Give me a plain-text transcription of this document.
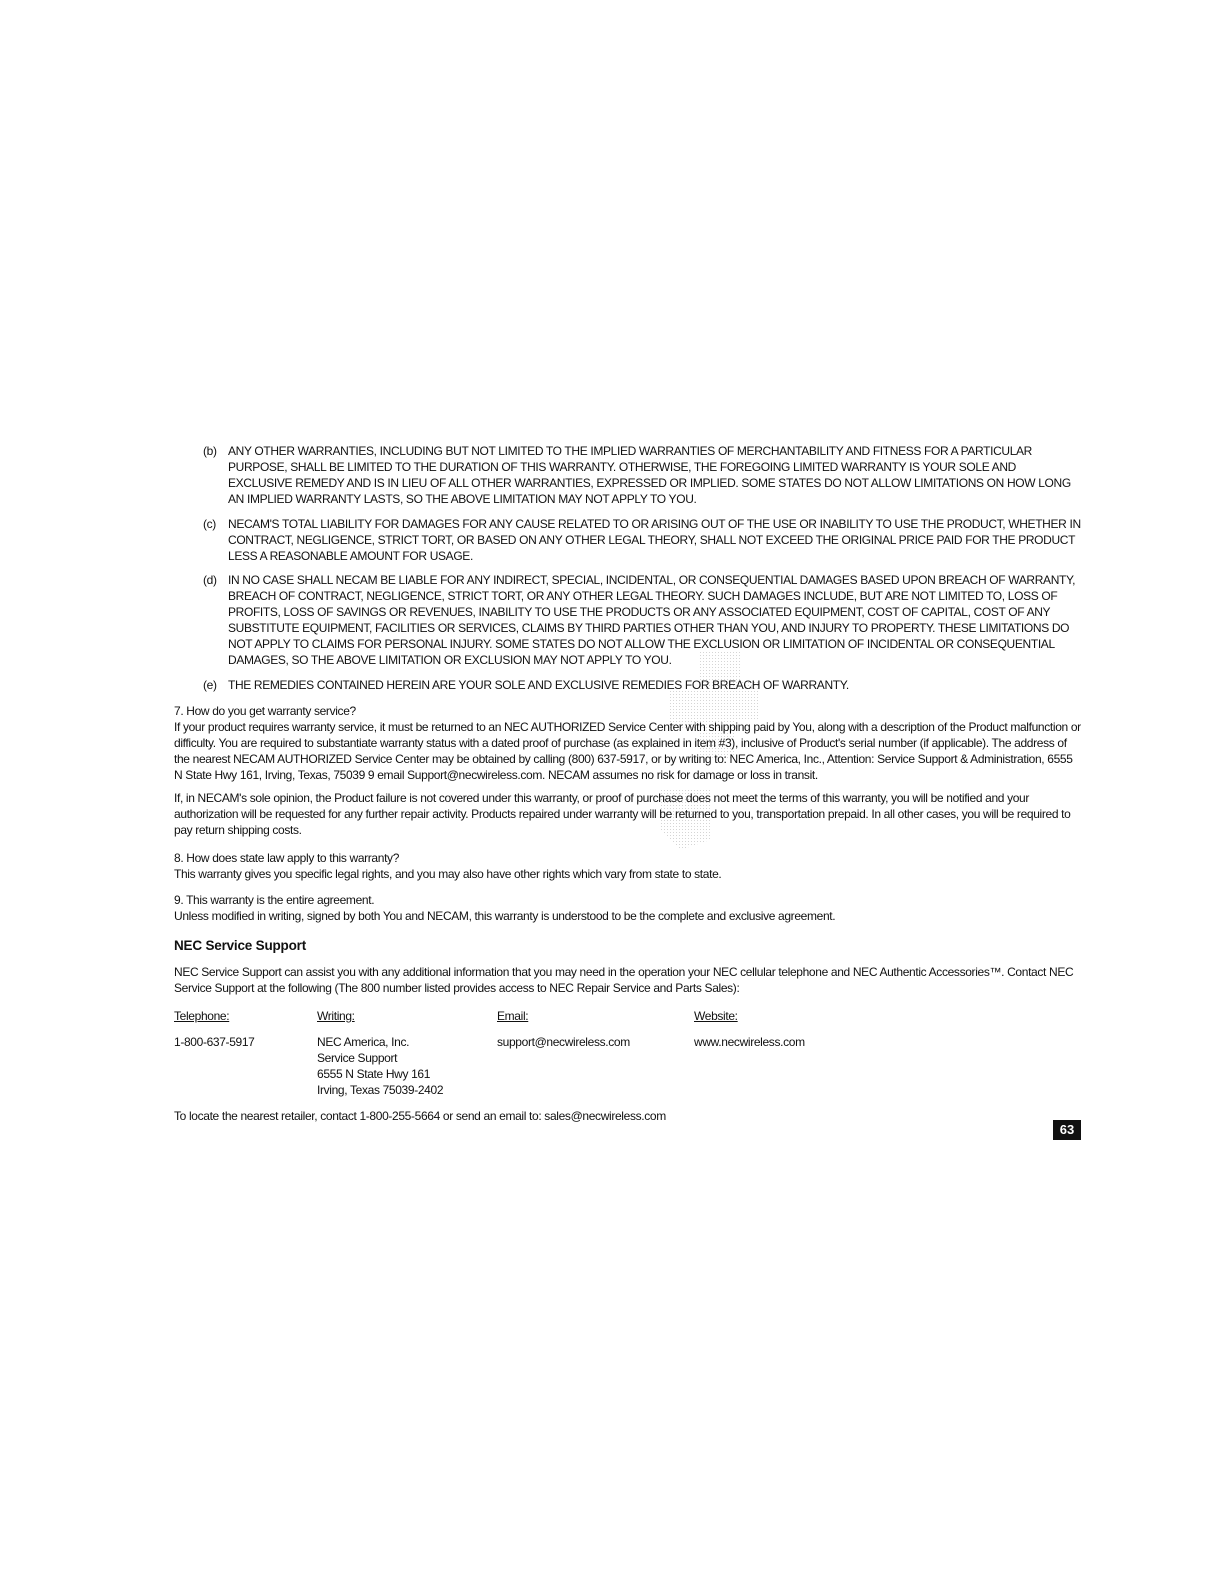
(b) ANY OTHER WARRANTIES, INCLUDING BUT NOT LIMITED TO THE IMPLIED WARRANTIES OF MERCHANTABILITY AND FITNESS FOR A PARTICULAR PURPOSE, SHALL BE LIMITED TO THE DURATION OF THIS WARRANTY. OTHERWISE, THE FOREGOING LIMITED WARRANTY IS YOUR SOLE AND EXCLUSIVE REMEDY AND IS IN LIEU OF ALL OTHER WARRANTIES, EXPRESSED OR IMPLIED. SOME STATES DO NOT ALLOW LIMITATIONS ON HOW LONG AN IMPLIED WARRANTY LASTS, SO THE ABOVE LIMITATION MAY NOT APPLY TO YOU.
(c)	NECAM'S TOTAL LIABILITY FOR DAMAGES FOR ANY CAUSE RELATED TO OR ARISING OUT OF THE USE OR INABILITY TO USE THE PRODUCT, WHETHER IN CONTRACT, NEGLIGENCE, STRICT TORT, OR BASED ON ANY OTHER LEGAL THEORY, SHALL NOT EXCEED THE ORIGINAL PRICE PAID FOR THE PRODUCT LESS A REASONABLE AMOUNT FOR USAGE.
(d) IN NO CASE SHALL NECAM BE LIABLE FOR ANY INDIRECT, SPECIAL, INCIDENTAL, OR CONSEQUENTIAL DAMAGES BASED UPON BREACH OF WARRANTY, BREACH OF CONTRACT, NEGLIGENCE, STRICT TORT, OR ANY OTHER LEGAL THEORY. SUCH DAMAGES INCLUDE, BUT ARE NOT LIMITED TO, LOSS OF PROFITS, LOSS OF SAVINGS OR REVENUES, INABILITY TO USE THE PRODUCTS OR ANY ASSOCIATED EQUIPMENT, COST OF CAPITAL, COST OF ANY SUBSTITUTE EQUIPMENT, FACILITIES OR SERVICES, CLAIMS BY THIRD PARTIES OTHER THAN YOU, AND INJURY TO PROPERTY. THESE LIMITATIONS DO NOT APPLY TO CLAIMS FOR PERSONAL INJURY. SOME STATES DO NOT ALLOW THE EXCLUSION OR LIMITATION OF INCIDENTAL OR CONSEQUENTIAL DAMAGES, SO THE ABOVE LIMITATION OR EXCLUSION MAY NOT APPLY TO YOU.
(e) THE REMEDIES CONTAINED HEREIN ARE YOUR SOLE AND EXCLUSIVE REMEDIES FOR BREACH OF WARRANTY.
7. How do you get warranty service?
If your product requires warranty service, it must be returned to an NEC AUTHORIZED Service Center with shipping paid by You, along with a description of the Product malfunction or difficulty. You are required to substantiate warranty status with a dated proof of purchase (as explained in item #3), inclusive of Product's serial number (if applicable). The address of the nearest NECAM AUTHORIZED Service Center may be obtained by calling (800) 637-5917, or by writing to: NEC America, Inc., Attention: Service Support & Administration, 6555 N State Hwy 161, Irving, Texas, 75039 9 email Support@necwireless.com. NECAM assumes no risk for damage or loss in transit.
If, in NECAM's sole opinion, the Product failure is not covered under this warranty, or proof of purchase does not meet the terms of this warranty, you will be notified and your authorization will be requested for any further repair activity. Products repaired under warranty will be returned to you, transportation prepaid. In all other cases, you will be required to pay return shipping costs.
8. How does state law apply to this warranty?
This warranty gives you specific legal rights, and you may also have other rights which vary from state to state.
9. This warranty is the entire agreement.
Unless modified in writing, signed by both You and NECAM, this warranty is understood to be the complete and exclusive agreement.
NEC Service Support
NEC Service Support can assist you with any additional information that you may need in the operation your NEC cellular telephone and NEC Authentic Accessories™. Contact NEC Service Support at the following (The 800 number listed provides access to NEC Repair Service and Parts Sales):
Telephone:
1-800-637-5917
Writing:
NEC America, Inc.
Service Support
6555 N State Hwy 161
Irving, Texas 75039-2402
Email:
support@necwireless.com
Website:
www.necwireless.com
To locate the nearest retailer, contact 1-800-255-5664 or send an email to: sales@necwireless.com
63
